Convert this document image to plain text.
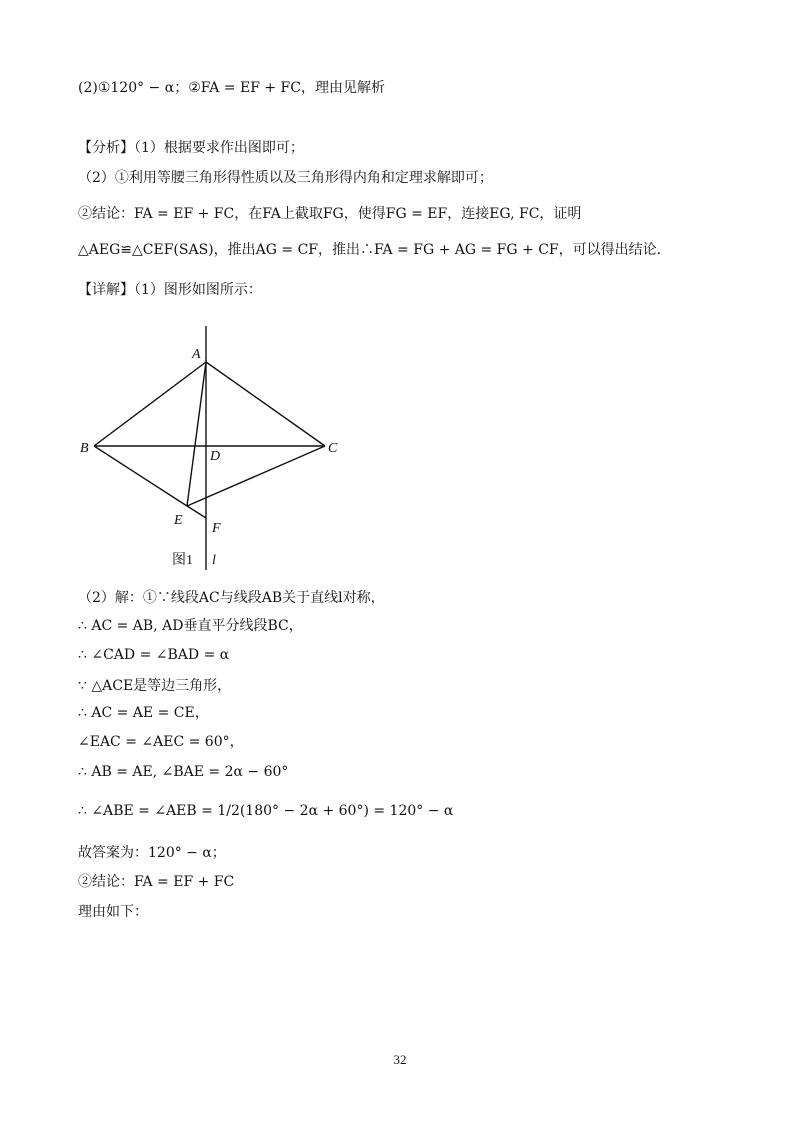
(2)①120° − α；②FA = EF + FC，理由见解析
【分析】（1）根据要求作出图即可；
（2）①利用等腰三角形得性质以及三角形得内角和定理求解即可；
②结论：FA = EF + FC，在FA上截取FG，使得FG = EF，连接EG, FC，证明△AEG≌△CEF(SAS)，推出AG = CF，推出∴FA = FG + AG = FG + CF，可以得出结论．
【详解】（1）图形如图所示：
A
B	C
D
E
F
l
图1
（2）解：①∵线段AC与线段AB关于直线l对称，
∴ AC = AB, AD垂直平分线段BC，
∴ ∠CAD = ∠BAD = α
∵ △ACE是等边三角形，
∴ AC = AE = CE，
∠EAC = ∠AEC = 60°，
∴ AB = AE, ∠BAE = 2α − 60°
∴ ∠ABE = ∠AEB = 1/2(180° − 2α + 60°) = 120° − α
故答案为：120° − α；
②结论：FA = EF + FC
理由如下：
32
